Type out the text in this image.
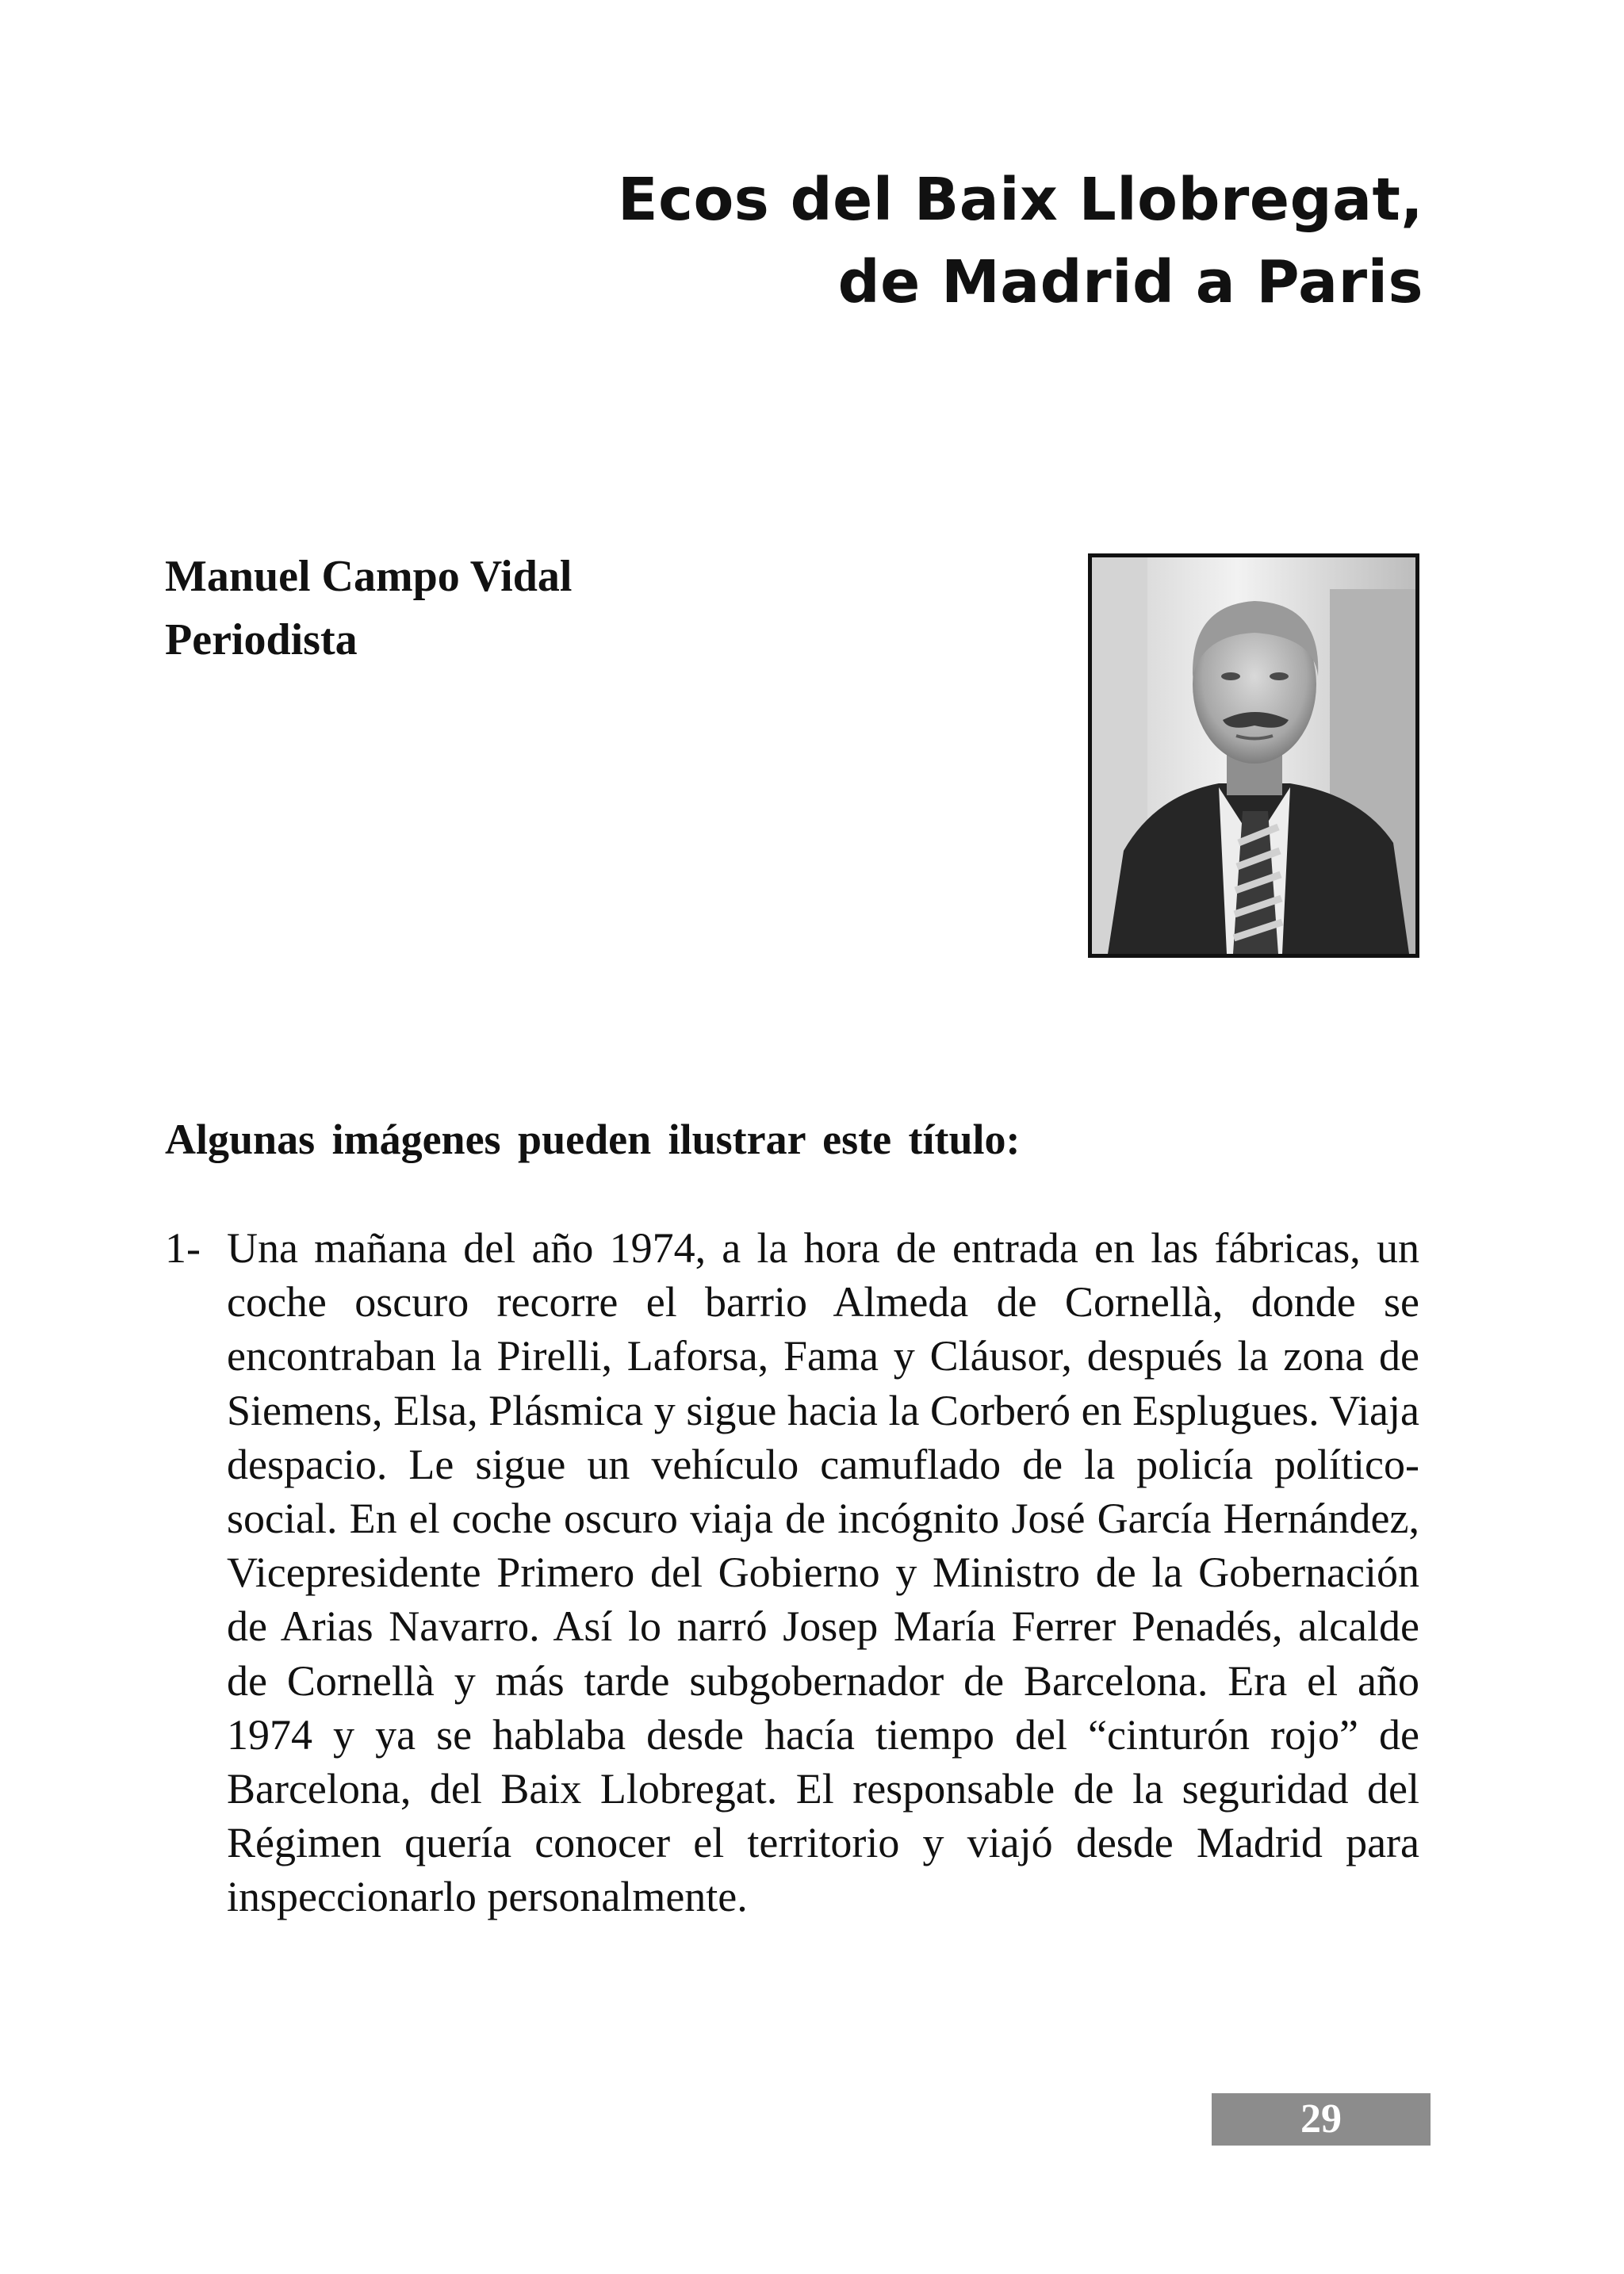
Ecos del Baix Llobregat,
de Madrid a Paris
Manuel Campo Vidal
Periodista
Algunas imágenes pueden ilustrar este título:
1- Una mañana del año 1974, a la hora de entrada en las fábricas, un coche oscuro recorre el barrio Almeda de Cornellà, donde se encontraban la Pirelli, Laforsa, Fama y Cláusor, después la zona de Siemens, Elsa, Plásmica y sigue hacia la Corberó en Esplugues. Viaja despacio. Le sigue un vehículo camuflado de la policía político-social. En el coche oscuro viaja de incógnito José García Hernández, Vicepresidente Primero del Gobierno y Ministro de la Gobernación de Arias Navarro. Así lo narró Josep María Ferrer Penadés, alcalde de Cornellà y más tarde subgobernador de Barcelona. Era el año 1974 y ya se hablaba desde hacía tiempo del “cinturón rojo” de Barcelona, del Baix Llobregat. El responsable de la seguridad del Régimen quería conocer el territorio y viajó desde Madrid para inspeccionarlo personalmente.
29
